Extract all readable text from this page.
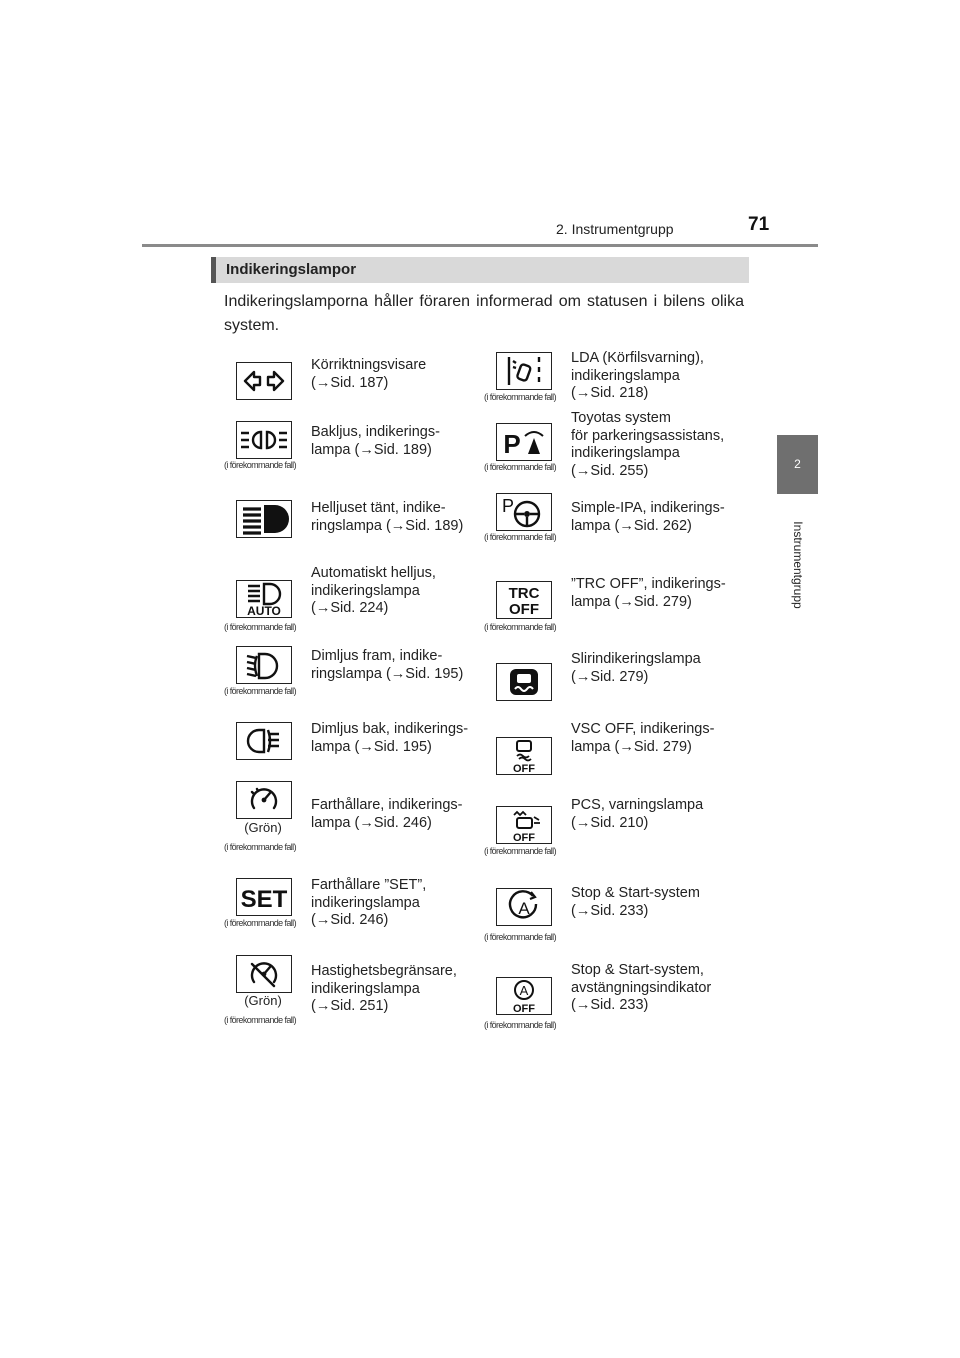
2. Instrumentgrupp	71
2
Instrumentgrupp
Indikeringslampor
Indikeringslamporna håller föraren informerad om statusen i bilens olika system.
Körriktningsvisare
(→Sid. 187)
(i förekommande fall)
Bakljus, indikerings-
lampa (→Sid. 189)
Helljuset tänt, indike-
ringslampa (→Sid. 189)
AUTO
(i förekommande fall)
Automatiskt helljus,
indikeringslampa
(→Sid. 224)
(i förekommande fall)
Dimljus fram, indike-
ringslampa (→Sid. 195)
Dimljus bak, indikerings-
lampa (→Sid. 195)
(Grön)
(i förekommande fall)
Farthållare, indikerings-
lampa (→Sid. 246)
SET
(i förekommande fall)
Farthållare ”SET”,
indikeringslampa
(→Sid. 246)
(Grön)
(i förekommande fall)
Hastighetsbegränsare,
indikeringslampa
(→Sid. 251)
(i förekommande fall)
LDA (Körfilsvarning),
indikeringslampa
(→Sid. 218)
P
(i förekommande fall)
Toyotas system
för parkeringsassistans,
indikeringslampa
(→Sid. 255)
P
(i förekommande fall)
Simple-IPA, indikerings-
lampa (→Sid. 262)
TRC
OFF
(i förekommande fall)
”TRC OFF”, indikerings-
lampa (→Sid. 279)
Slirindikeringslampa
(→Sid. 279)
OFF
VSC OFF, indikerings-
lampa (→Sid. 279)
OFF
(i förekommande fall)
PCS, varningslampa
(→Sid. 210)
A
(i förekommande fall)
Stop & Start-system
(→Sid. 233)
A
OFF
(i förekommande fall)
Stop & Start-system,
avstängningsindikator
(→Sid. 233)
